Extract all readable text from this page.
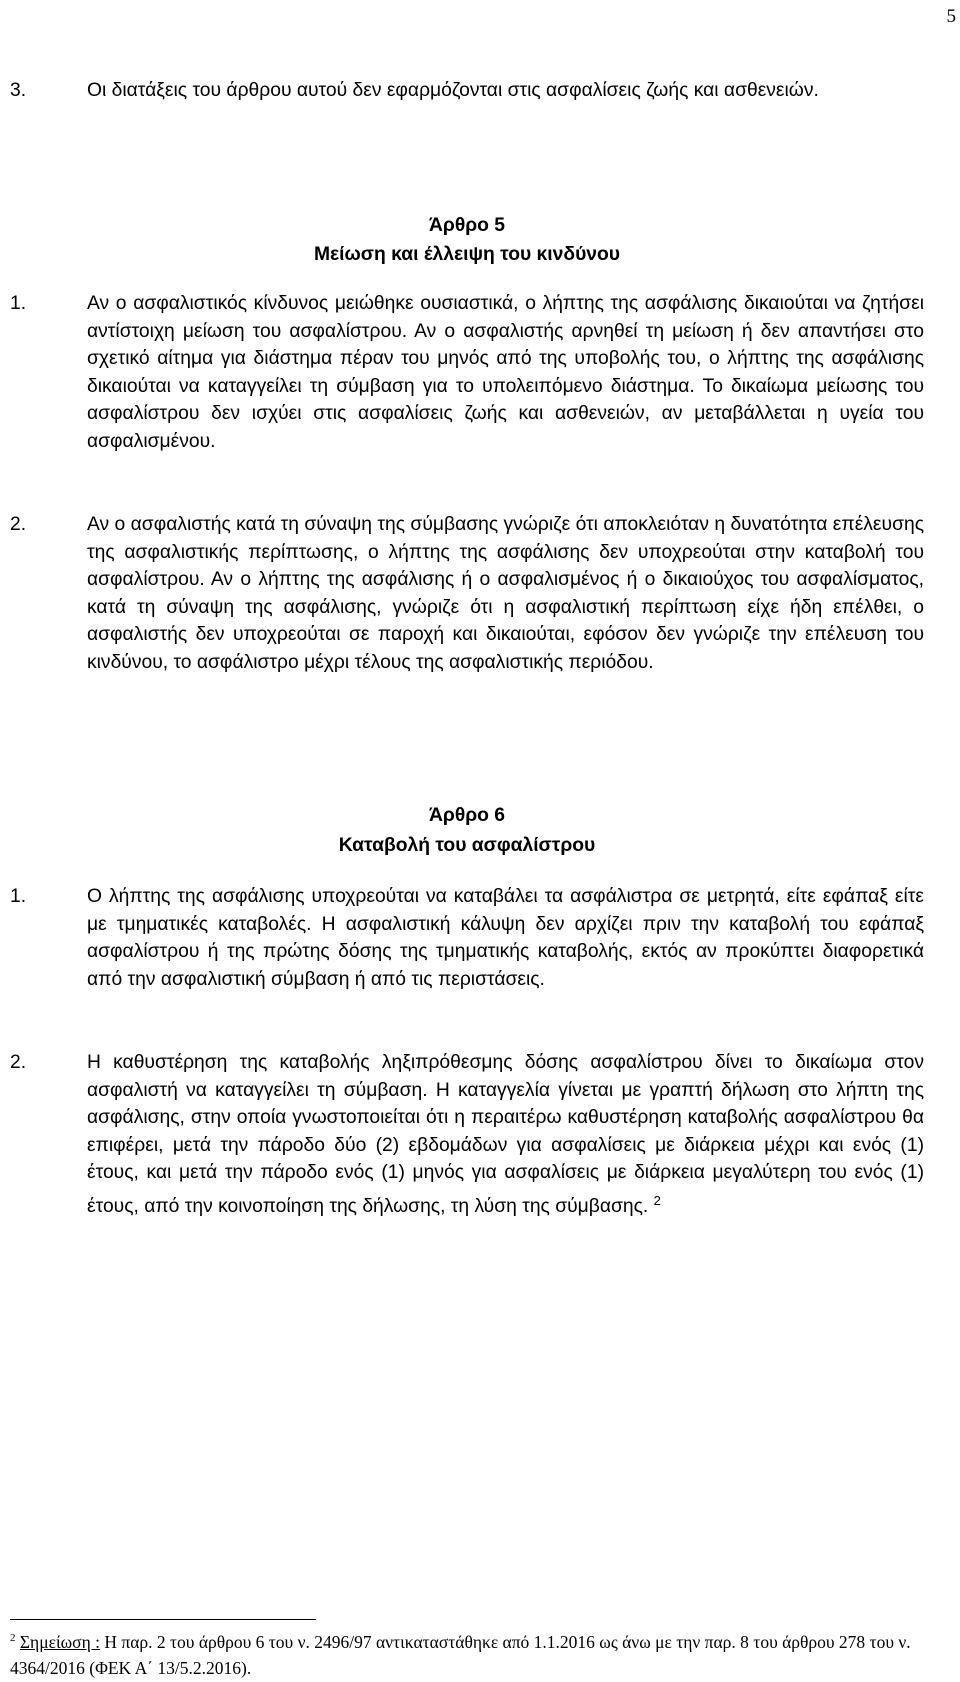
5
3.	Οι διατάξεις του άρθρου αυτού δεν εφαρμόζονται στις ασφαλίσεις ζωής και ασθενειών.
Άρθρο 5
Μείωση και έλλειψη του κινδύνου
1.	Αν ο ασφαλιστικός κίνδυνος μειώθηκε ουσιαστικά, ο λήπτης της ασφάλισης δικαιούται να ζητήσει αντίστοιχη μείωση του ασφαλίστρου. Αν ο ασφαλιστής αρνηθεί τη μείωση ή δεν απαντήσει στο σχετικό αίτημα για διάστημα πέραν του μηνός από της υποβολής του, ο λήπτης της ασφάλισης δικαιούται να καταγγείλει τη σύμβαση για το υπολειπόμενο διάστημα. Το δικαίωμα μείωσης του ασφαλίστρου δεν ισχύει στις ασφαλίσεις ζωής και ασθενειών, αν μεταβάλλεται η υγεία του ασφαλισμένου.
2.	Αν ο ασφαλιστής κατά τη σύναψη της σύμβασης γνώριζε ότι αποκλειόταν η δυνατότητα επέλευσης της ασφαλιστικής περίπτωσης, ο λήπτης της ασφάλισης δεν υποχρεούται στην καταβολή του ασφαλίστρου. Αν ο λήπτης της ασφάλισης ή ο ασφαλισμένος ή ο δικαιούχος του ασφαλίσματος, κατά τη σύναψη της ασφάλισης, γνώριζε ότι η ασφαλιστική περίπτωση είχε ήδη επέλθει, ο ασφαλιστής δεν υποχρεούται σε παροχή και δικαιούται, εφόσον δεν γνώριζε την επέλευση του κινδύνου, το ασφάλιστρο μέχρι τέλους της ασφαλιστικής περιόδου.
Άρθρο 6
Καταβολή του ασφαλίστρου
1.	Ο λήπτης της ασφάλισης υποχρεούται να καταβάλει τα ασφάλιστρα σε μετρητά, είτε εφάπαξ είτε με τμηματικές καταβολές. Η ασφαλιστική κάλυψη δεν αρχίζει πριν την καταβολή του εφάπαξ ασφαλίστρου ή της πρώτης δόσης της τμηματικής καταβολής, εκτός αν προκύπτει διαφορετικά από την ασφαλιστική σύμβαση ή από τις περιστάσεις.
2.	Η καθυστέρηση της καταβολής ληξιπρόθεσμης δόσης ασφαλίστρου δίνει το δικαίωμα στον ασφαλιστή να καταγγείλει τη σύμβαση. Η καταγγελία γίνεται με γραπτή δήλωση στο λήπτη της ασφάλισης, στην οποία γνωστοποιείται ότι η περαιτέρω καθυστέρηση καταβολής ασφαλίστρου θα επιφέρει, μετά την πάροδο δύο (2) εβδομάδων για ασφαλίσεις με διάρκεια μέχρι και ενός (1) έτους, και μετά την πάροδο ενός (1) μηνός για ασφαλίσεις με διάρκεια μεγαλύτερη του ενός (1) έτους, από την κοινοποίηση της δήλωσης, τη λύση της σύμβασης. $^2$
$^2$ Σημείωση : Η παρ. 2 του άρθρου 6 του ν. 2496/97 αντικαταστάθηκε από 1.1.2016 ως άνω με την παρ. 8 του άρθρου 278 του ν. 4364/2016 (ΦΕΚ Α΄ 13/5.2.2016).
